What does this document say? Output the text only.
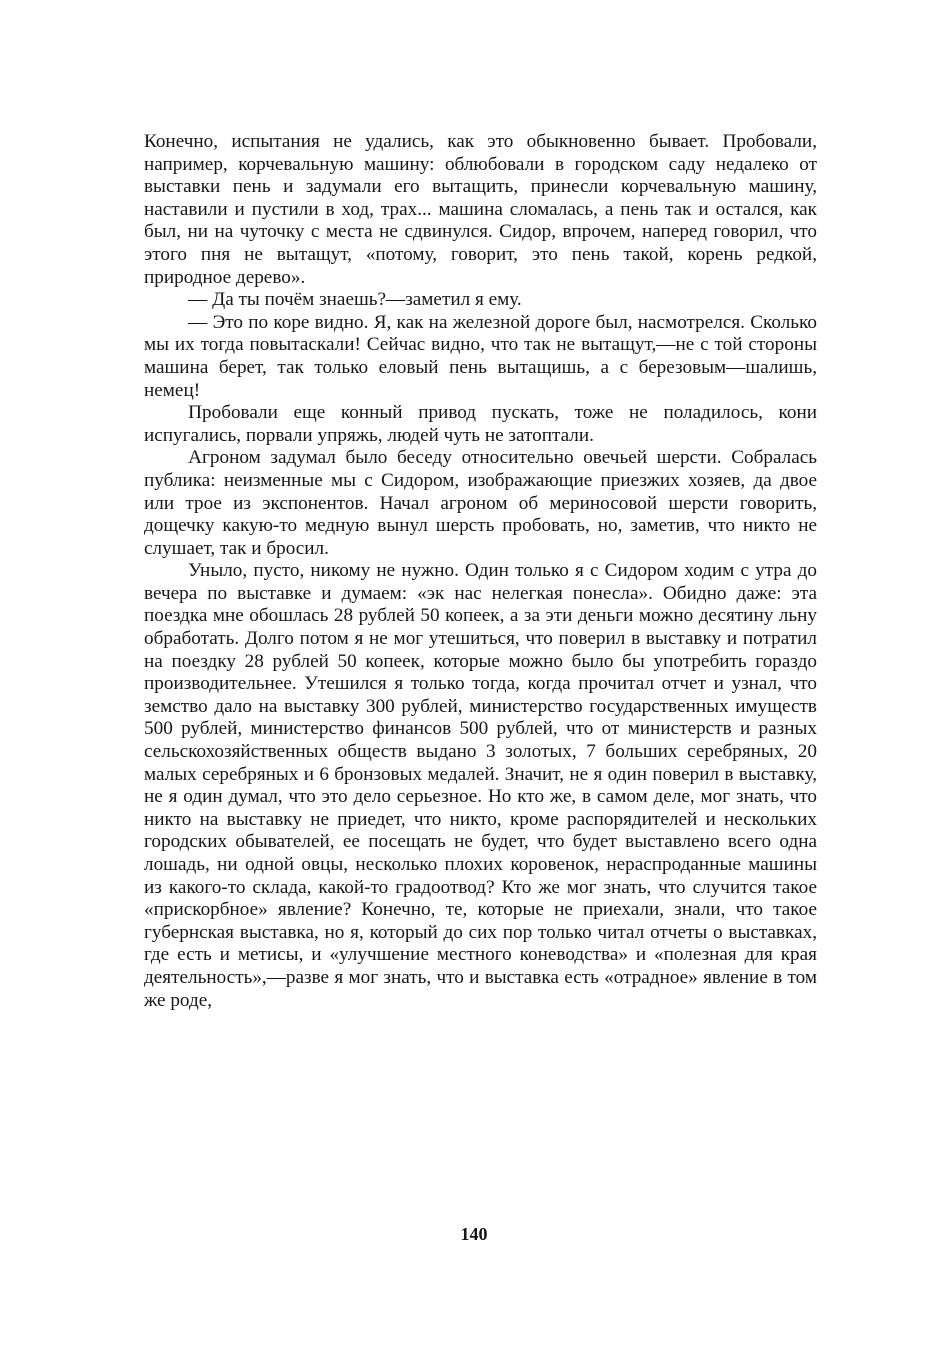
Конечно, испытания не удались, как это обыкновенно бывает. Пробовали, например, корчевальную машину: облюбовали в городском саду недалеко от выставки пень и задумали его вытащить, принесли корчевальную машину, наставили и пустили в ход, трах... машина сломалась, а пень так и остался, как был, ни на чуточку с места не сдвинулся. Сидор, впрочем, наперед говорил, что этого пня не вытащут, «потому, говорит, это пень такой, корень редкой, природное дерево».

— Да ты почём знаешь?—заметил я ему.

— Это по коре видно. Я, как на железной дороге был, насмотрелся. Сколько мы их тогда повытаскали! Сейчас видно, что так не вытащут,—не с той стороны машина берет, так только еловый пень вытащишь, а с березовым—шалишь, немец!

Пробовали еще конный привод пускать, тоже не поладилось, кони испугались, порвали упряжь, людей чуть не затоптали.

Агроном задумал было беседу относительно овечьей шерсти. Собралась публика: неизменные мы с Сидором, изображающие приезжих хозяев, да двое или трое из экспонентов. Начал агроном об мериносовой шерсти говорить, дощечку какую-то медную вынул шерсть пробовать, но, заметив, что никто не слушает, так и бросил.

Уныло, пусто, никому не нужно. Один только я с Сидором ходим с утра до вечера по выставке и думаем: «эк нас нелегкая понесла». Обидно даже: эта поездка мне обошлась 28 рублей 50 копеек, а за эти деньги можно десятину льну обработать. Долго потом я не мог утешиться, что поверил в выставку и потратил на поездку 28 рублей 50 копеек, которые можно было бы употребить гораздо производительнее. Утешился я только тогда, когда прочитал отчет и узнал, что земство дало на выставку 300 рублей, министерство государственных имуществ 500 рублей, министерство финансов 500 рублей, что от министерств и разных сельскохозяйственных обществ выдано 3 золотых, 7 больших серебряных, 20 малых серебряных и 6 бронзовых медалей. Значит, не я один поверил в выставку, не я один думал, что это дело серьезное. Но кто же, в самом деле, мог знать, что никто на выставку не приедет, что никто, кроме распорядителей и нескольких городских обывателей, ее посещать не будет, что будет выставлено всего одна лошадь, ни одной овцы, несколько плохих коровенок, нераспроданные машины из какого-то склада, какой-то градоотвод? Кто же мог знать, что случится такое «прискорбное» явление? Конечно, те, которые не приехали, знали, что такое губернская выставка, но я, который до сих пор только читал отчеты о выставках, где есть и метисы, и «улучшение местного коневодства» и «полезная для края деятельность»,—разве я мог знать, что и выставка есть «отрадное» явление в том же роде,

140
